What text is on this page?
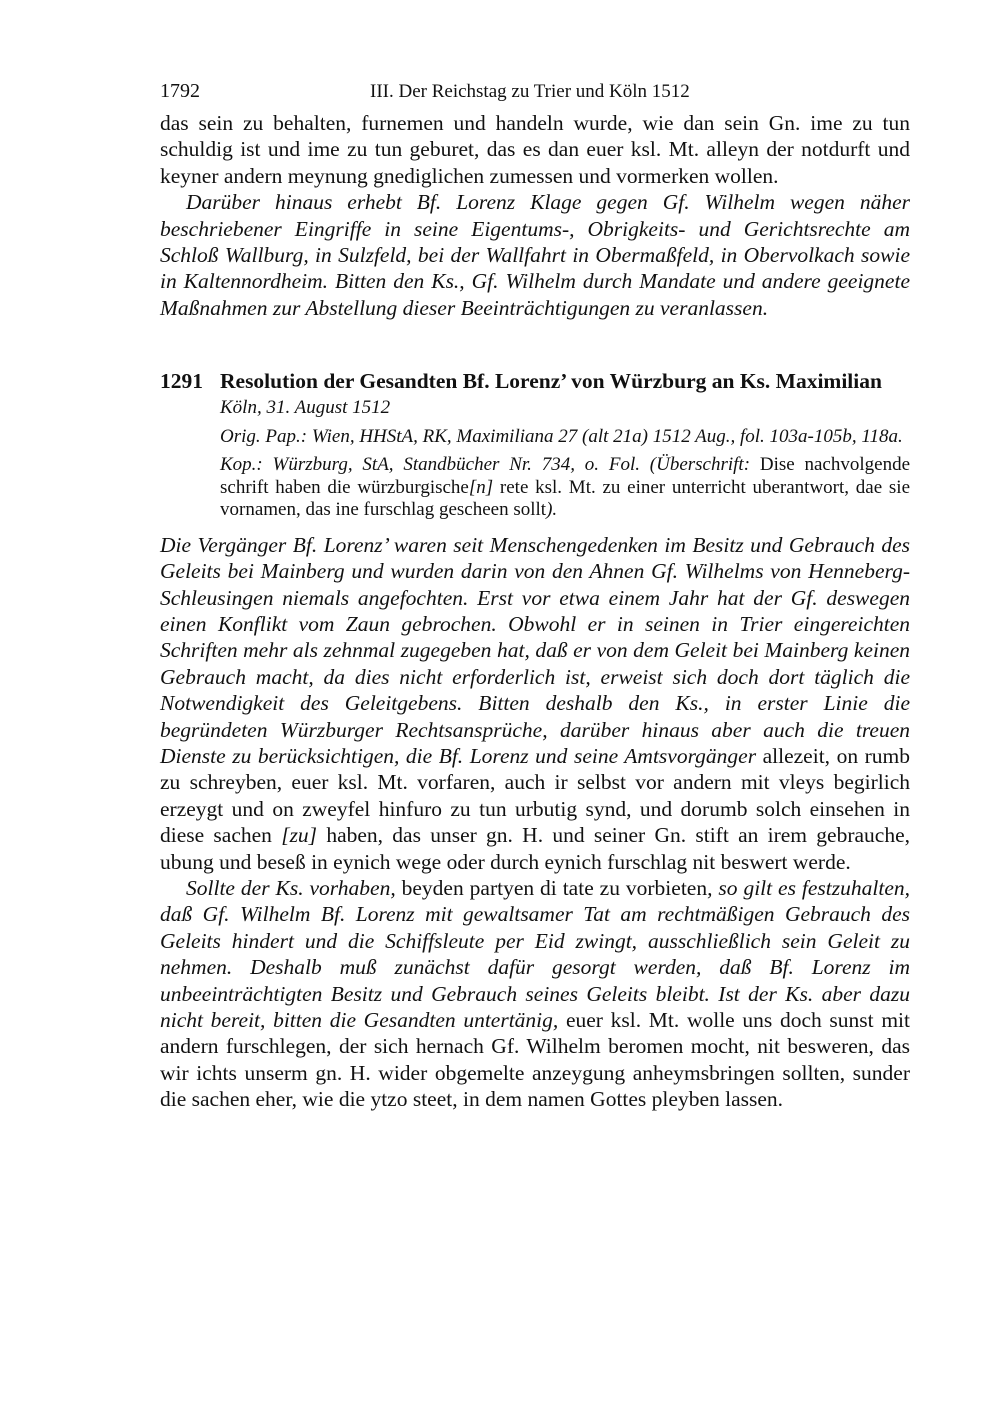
1792	III. Der Reichstag zu Trier und Köln 1512

das sein zu behalten, furnemen und handeln wurde, wie dan sein Gn. ime zu tun schuldig ist und ime zu tun geburet, das es dan euer ksl. Mt. alleyn der notdurft und keyner andern meynung gnediglichen zumessen und vormerken wollen.

Darüber hinaus erhebt Bf. Lorenz Klage gegen Gf. Wilhelm wegen näher beschriebener Eingriffe in seine Eigentums-, Obrigkeits- und Gerichtsrechte am Schloß Wallburg, in Sulzfeld, bei der Wallfahrt in Obermaßfeld, in Obervolkach sowie in Kaltennordheim. Bitten den Ks., Gf. Wilhelm durch Mandate und andere geeignete Maßnahmen zur Abstellung dieser Beeinträchtigungen zu veranlassen.

1291 Resolution der Gesandten Bf. Lorenz’ von Würzburg an Ks. Maximilian

Köln, 31. August 1512

Orig. Pap.: Wien, HHStA, RK, Maximiliana 27 (alt 21a) 1512 Aug., fol. 103a-105b, 118a.

Kop.: Würzburg, StA, Standbücher Nr. 734, o. Fol. (Überschrift: Dise nachvolgende schrift haben die würzburgische[n] rete ksl. Mt. zu einer unterricht uberantwort, dae sie vornamen, das ine furschlag gescheen sollt).

Die Vergänger Bf. Lorenz’ waren seit Menschengedenken im Besitz und Gebrauch des Geleits bei Mainberg und wurden darin von den Ahnen Gf. Wilhelms von Henneberg-Schleusingen niemals angefochten. Erst vor etwa einem Jahr hat der Gf. deswegen einen Konflikt vom Zaun gebrochen. Obwohl er in seinen in Trier eingereichten Schriften mehr als zehnmal zugegeben hat, daß er von dem Geleit bei Mainberg keinen Gebrauch macht, da dies nicht erforderlich ist, erweist sich doch dort täglich die Notwendigkeit des Geleitgebens. Bitten deshalb den Ks., in erster Linie die begründeten Würzburger Rechtsansprüche, darüber hinaus aber auch die treuen Dienste zu berücksichtigen, die Bf. Lorenz und seine Amtsvorgänger allezeit, on rumb zu schreyben, euer ksl. Mt. vorfaren, auch ir selbst vor andern mit vleys begirlich erzeygt und on zweyfel hinfuro zu tun urbutig synd, und dorumb solch einsehen in diese sachen [zu] haben, das unser gn. H. und seiner Gn. stift an irem gebrauche, ubung und beseß in eynich wege oder durch eynich furschlag nit beswert werde.

Sollte der Ks. vorhaben, beyden partyen di tate zu vorbieten, so gilt es festzuhalten, daß Gf. Wilhelm Bf. Lorenz mit gewaltsamer Tat am rechtmäßigen Gebrauch des Geleits hindert und die Schiffsleute per Eid zwingt, ausschließlich sein Geleit zu nehmen. Deshalb muß zunächst dafür gesorgt werden, daß Bf. Lorenz im unbeeinträchtigten Besitz und Gebrauch seines Geleits bleibt. Ist der Ks. aber dazu nicht bereit, bitten die Gesandten untertänig, euer ksl. Mt. wolle uns doch sunst mit andern furschlegen, der sich hernach Gf. Wilhelm beromen mocht, nit besweren, das wir ichts unserm gn. H. wider obgemelte anzeygung anheymsbringen sollten, sunder die sachen eher, wie die ytzo steet, in dem namen Gottes pleyben lassen.
